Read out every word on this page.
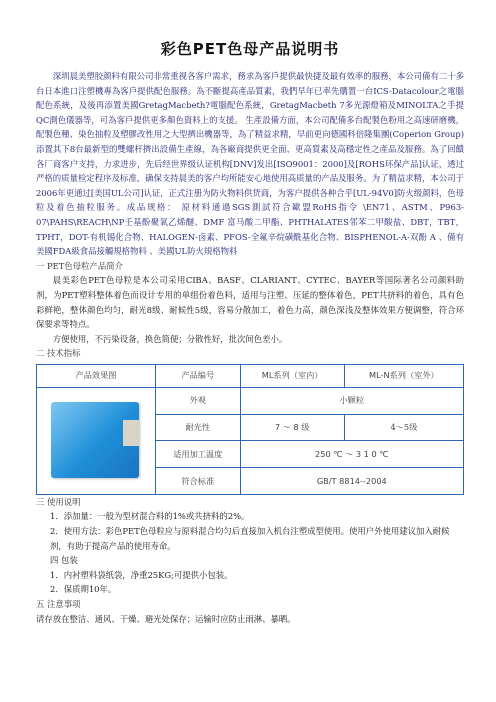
彩色PET色母产品说明书

深圳晨美塑胶颜料有限公司非常重视各客户需求，務求為客戶提供最快捷及最有效率的服務，本公司備有二十多台日本進口注塑機專為客戶提供配色服務。為不斷提高產品質素，我們早年已率先購置一台ICS-Datacolour之電腦配色系統，及後再添置美國GretagMacbeth?電腦配色系統，GretagMacbeth 7多光源燈箱及MINOLTA之手提QC測色儀器等，可為客戶提供更多顏色資料上的支援。 生產設備方面，本公司配備多台配製色粉用之高速研磨機，配製色種、染色抽粒及塑膠改性用之大型擠出機器等，為了精益求精，早前更向德國科倍隆集團(Coperion Group)添置其下8台最新型的雙螺杆擠出設備生產線，為各廠商提供更全面、更高質素及高穩定性之產品及服務。為了回饋各厂商客户支持，力求进步，先后经世界级认证机构[DNV]发出[ISO9001：2000]及[ROHS环保产品]认证，透过严格的质量检定程序及标准，确保支持晨美的客户均所能安心地使用高质量的产品及服务。为了精益求精，本公司于2006年更通过[美国UL公司]认证，正式注册为防火物料供货商，为客户提供各种合乎[UL-94V0]防火级颜料，色母粒及着色抽粒服务。成品规格： 原材料通過SGS測試符合歐盟RoHS指令 \EN71、ASTM、P963-07\PAHS\REACH\NP壬基酚聚氧乙烯醚、DMF 富马酸二甲酯、PHTHALATES邻苯二甲酸盐、DBT，TBT，TPHT，DOT-有机锡化合物、HALOGEN-卤素、PFOS-全氟辛烷磺酰基化合物、BISPHENOL-A-双酚 A 、備有美國FDA級食品接觸規格物料 、美國UL防火規格物料

一 PET色母粒产品简介

晨美彩色PET色母粒是本公司采用CIBA、BASF、CLARIANT、CYTEC、BAYER等国际著名公司颜料助剂，为PET塑料整体着色而设计专用的单组份着色料，适用与注塑、压延的整体着色，PET共挤料的着色，具有色彩鲜艳，整体颜色均匀，耐光8级、耐候性5级，容易分散加工，着色力高，颜色深浅及整体效果方便调整，符合环保要求等特点。

方便使用，不污染设备，换色简便；分散性好，批次间色差小。

二 技术指标

产品效果图	产品编号	ML系列（室内）	ML-N系列（室外）

	外观	小颗粒	
	耐光性	7 ～ 8 级	4～5级
	适用加工温度	250 ℃ ～ 3 1 0 ℃	
	符合标准	GB/T 8814--2004	

三 使用说明

1．添加量：一般为型材混合料的1%或共挤料的2%。

2．使用方法：彩色PET色母粒应与原料混合均匀后直接加入机台注塑成型使用。使用户外使用建议加入耐候剂，有助于提高产品的使用寿命。

四 包装

1．内衬塑料袋纸袋，净重25KG;可提供小包装。

2．保质期10年。

五 注意事项

请存放在整洁、通风、干燥、避光处保存；运输时应防止雨淋、暴晒。
